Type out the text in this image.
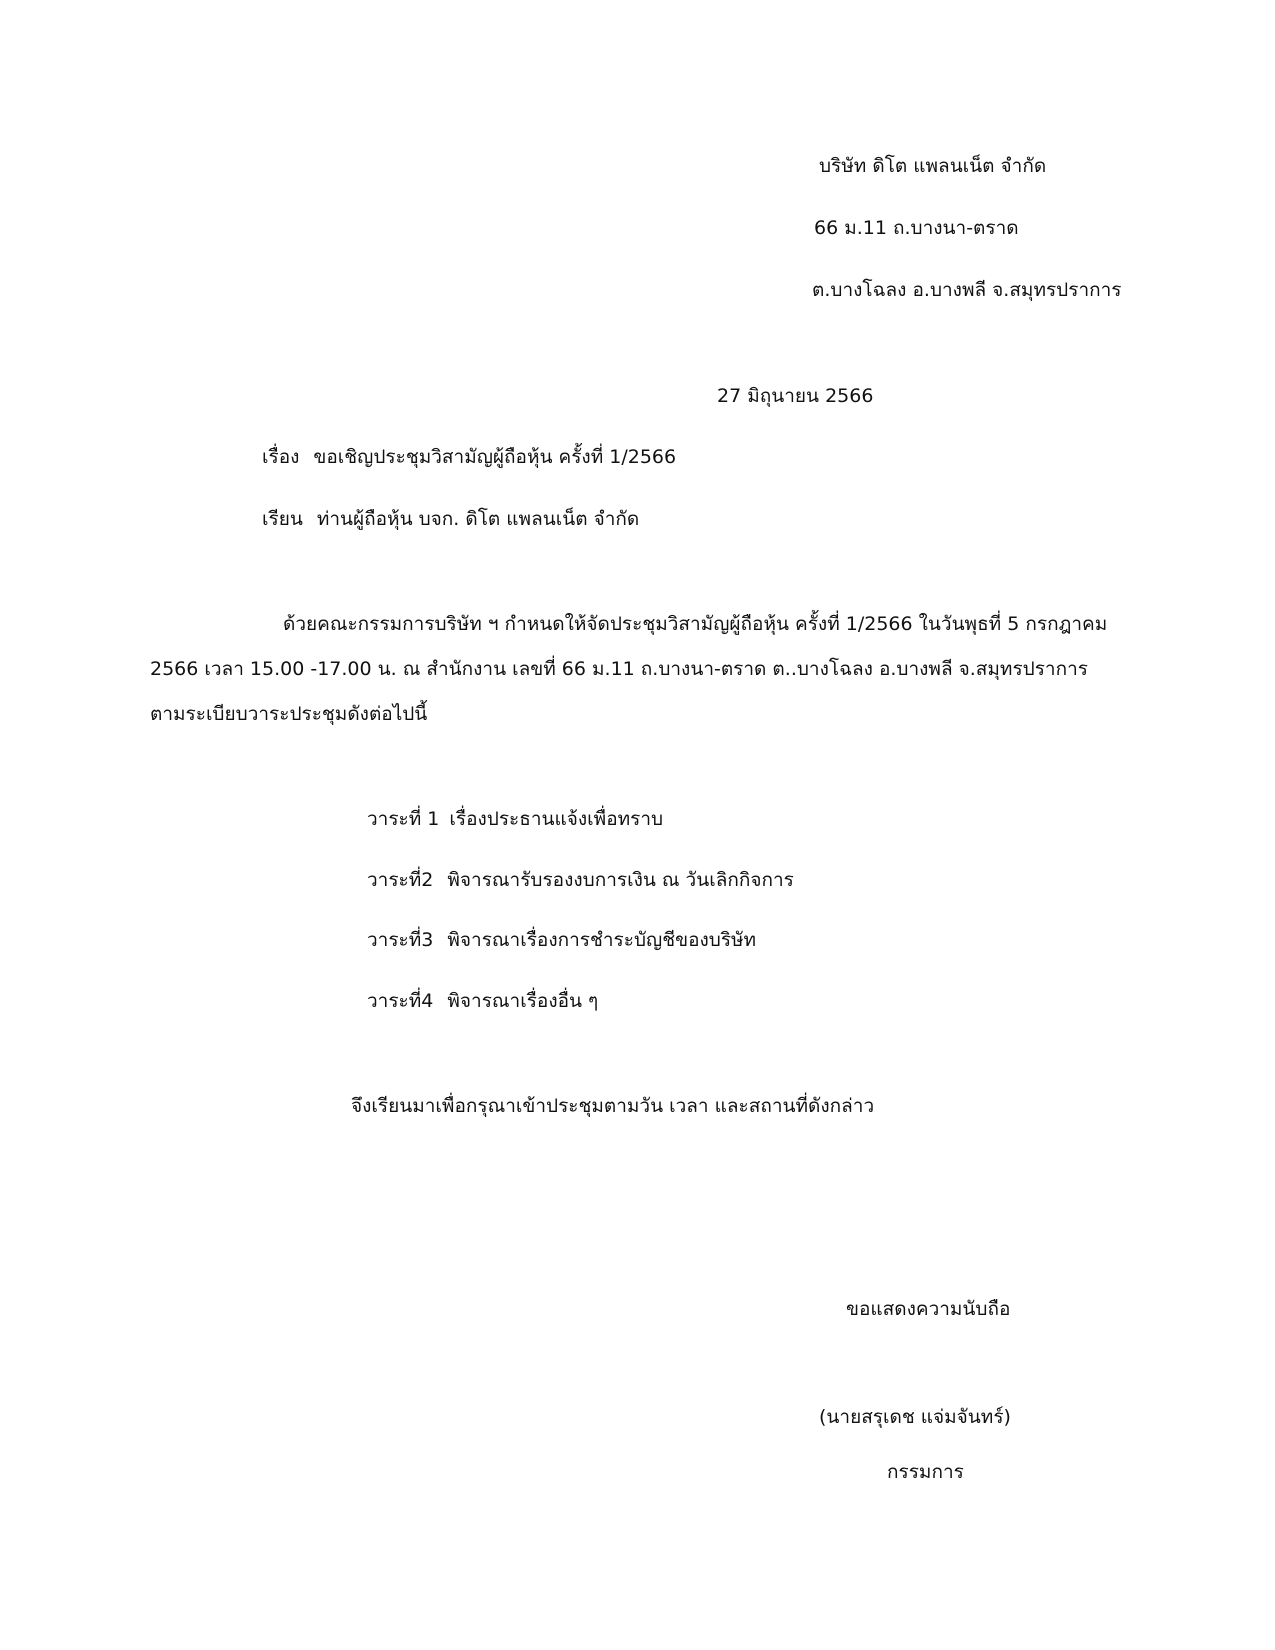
บริษัท ดิโต แพลนเน็ต จำกัด

66 ม.11 ถ.บางนา-ตราด

ต.บางโฉลง อ.บางพลี จ.สมุทรปราการ

27 มิถุนายน 2566

เรื่อง ขอเชิญประชุมวิสามัญผู้ถือหุ้น ครั้งที่ 1/2566

เรียน ท่านผู้ถือหุ้น บจก. ดิโต แพลนเน็ต จำกัด

ด้วยคณะกรรมการบริษัท ฯ กำหนดให้จัดประชุมวิสามัญผู้ถือหุ้น ครั้งที่ 1/2566 ในวันพุธที่ 5 กรกฎาคม

2566 เวลา 15.00 -17.00 น. ณ สำนักงาน เลขที่ 66 ม.11 ถ.บางนา-ตราด ต..บางโฉลง อ.บางพลี จ.สมุทรปราการ

ตามระเบียบวาระประชุมดังต่อไปนี้

วาระที่ 1 เรื่องประธานแจ้งเพื่อทราบ

วาระที่2 พิจารณารับรองงบการเงิน ณ วันเลิกกิจการ

วาระที่3 พิจารณาเรื่องการชำระบัญชีของบริษัท

วาระที่4 พิจารณาเรื่องอื่น ๆ

จึงเรียนมาเพื่อกรุณาเข้าประชุมตามวัน เวลา และสถานที่ดังกล่าว

ขอแสดงความนับถือ

(นายสรุเดช แจ่มจันทร์)

กรรมการ
